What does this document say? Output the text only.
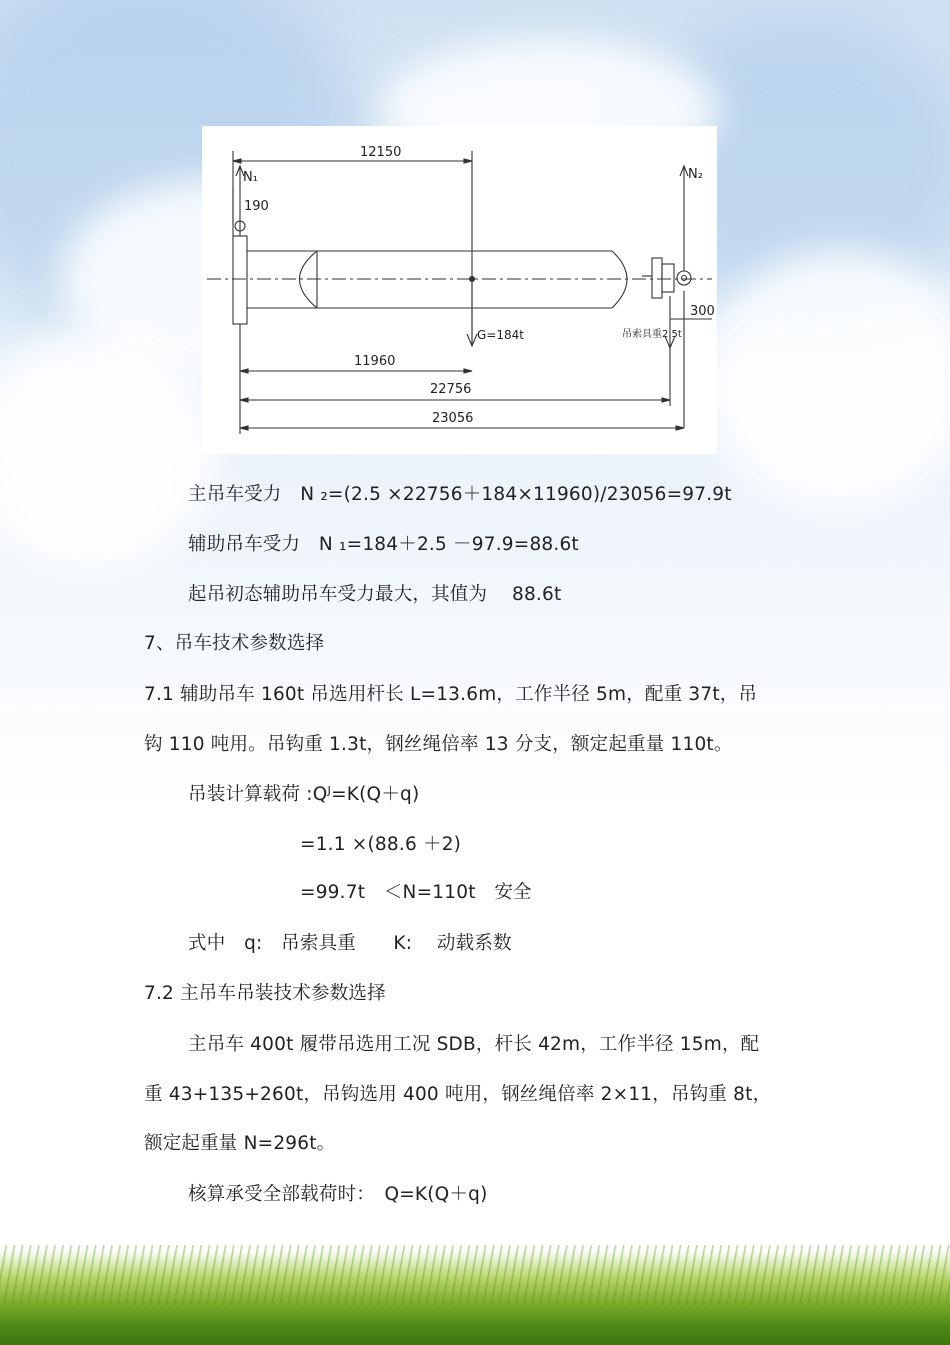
12150
N₁	N₂
190
300
G=184t	吊索具重2.5t
11960
22756
23056
主吊车受力　N ₂=(2.5 ×22756＋184×11960)/23056=97.9t
辅助吊车受力　N ₁=184＋2.5 －97.9=88.6t
起吊初态辅助吊车受力最大，其值为　 88.6t
7、吊车技术参数选择
7.1 辅助吊车 160t 吊选用杆长 L=13.6m，工作半径 5m，配重 37t，吊
钩 110 吨用。吊钩重 1.3t，钢丝绳倍率 13 分支，额定起重量 110t。
吊装计算载荷 :Qᴶ=K(Q＋q)
=1.1 ×(88.6 ＋2)
=99.7t　＜N=110t　安全
式中　q:　吊索具重　　K:　 动载系数
7.2 主吊车吊装技术参数选择
主吊车 400t 履带吊选用工况 SDB，杆长 42m，工作半径 15m，配
重 43+135+260t，吊钩选用 400 吨用，钢丝绳倍率 2×11，吊钩重 8t，
额定起重量 N=296t。
核算承受全部载荷时：　Q=K(Q＋q)
